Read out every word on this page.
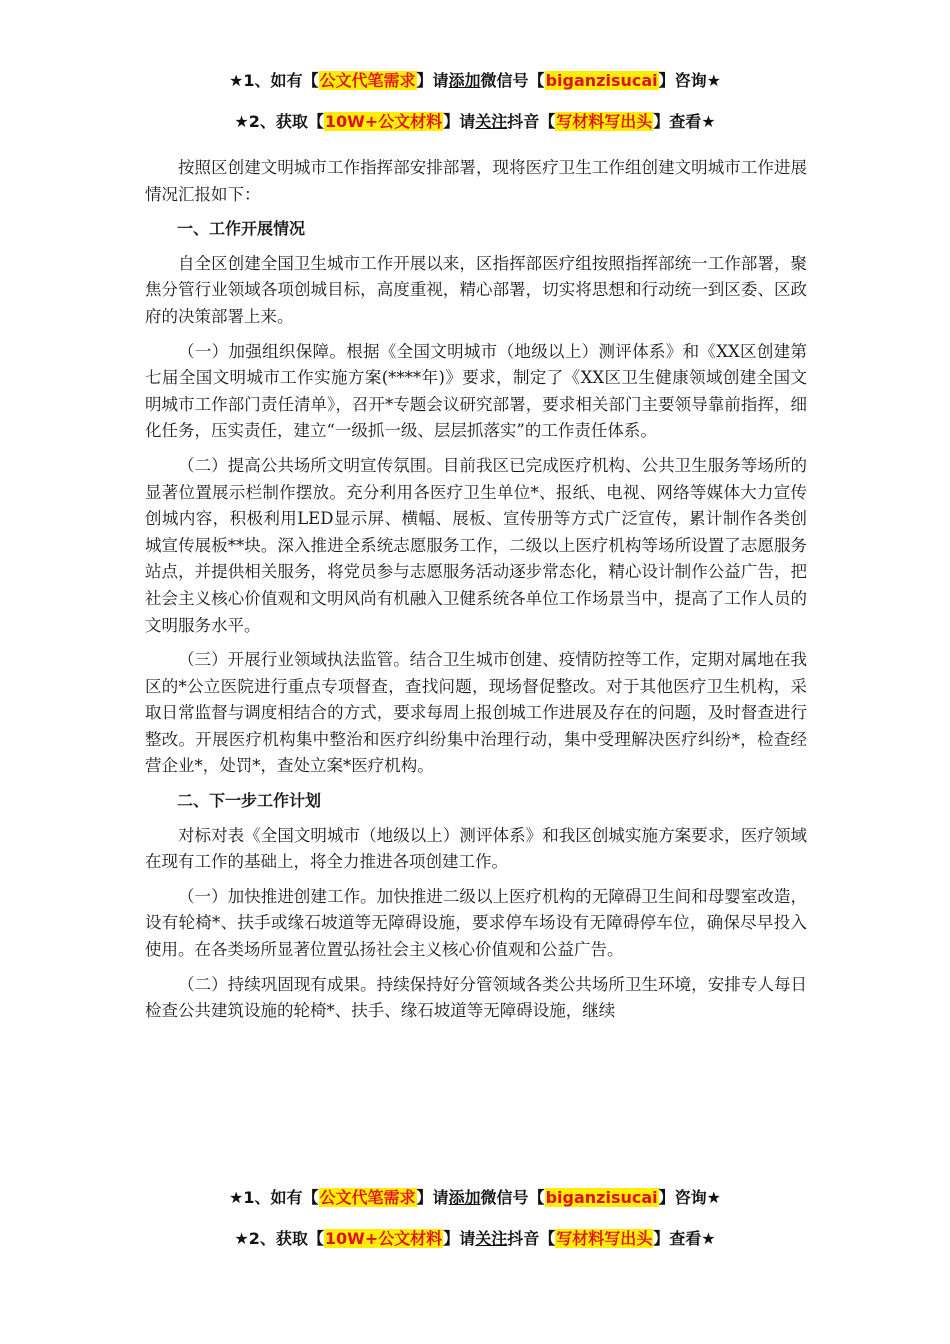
★1、如有【公文代笔需求】请添加微信号【biganzisucai】咨询★
★2、获取【10W+公文材料】请关注抖音【写材料写出头】查看★

按照区创建文明城市工作指挥部安排部署，现将医疗卫生工作组创建文明城市工作进展情况汇报如下：

一、工作开展情况

自全区创建全国卫生城市工作开展以来，区指挥部医疗组按照指挥部统一工作部署，聚焦分管行业领域各项创城目标，高度重视，精心部署，切实将思想和行动统一到区委、区政府的决策部署上来。

（一）加强组织保障。根据《全国文明城市（地级以上）测评体系》和《XX区创建第七届全国文明城市工作实施方案(****年)》要求，制定了《XX区卫生健康领域创建全国文明城市工作部门责任清单》，召开*专题会议研究部署，要求相关部门主要领导靠前指挥，细化任务，压实责任，建立“一级抓一级、层层抓落实”的工作责任体系。

（二）提高公共场所文明宣传氛围。目前我区已完成医疗机构、公共卫生服务等场所的显著位置展示栏制作摆放。充分利用各医疗卫生单位*、报纸、电视、网络等媒体大力宣传创城内容，积极利用LED显示屏、横幅、展板、宣传册等方式广泛宣传，累计制作各类创城宣传展板**块。深入推进全系统志愿服务工作，二级以上医疗机构等场所设置了志愿服务站点，并提供相关服务，将党员参与志愿服务活动逐步常态化，精心设计制作公益广告，把社会主义核心价值观和文明风尚有机融入卫健系统各单位工作场景当中，提高了工作人员的文明服务水平。

（三）开展行业领域执法监管。结合卫生城市创建、疫情防控等工作，定期对属地在我区的*公立医院进行重点专项督查，查找问题，现场督促整改。对于其他医疗卫生机构，采取日常监督与调度相结合的方式，要求每周上报创城工作进展及存在的问题，及时督查进行整改。开展医疗机构集中整治和医疗纠纷集中治理行动，集中受理解决医疗纠纷*，检查经营企业*，处罚*，查处立案*医疗机构。

二、下一步工作计划

对标对表《全国文明城市（地级以上）测评体系》和我区创城实施方案要求，医疗领域在现有工作的基础上，将全力推进各项创建工作。

（一）加快推进创建工作。加快推进二级以上医疗机构的无障碍卫生间和母婴室改造，设有轮椅*、扶手或缘石坡道等无障碍设施，要求停车场设有无障碍停车位，确保尽早投入使用。在各类场所显著位置弘扬社会主义核心价值观和公益广告。

（二）持续巩固现有成果。持续保持好分管领域各类公共场所卫生环境，安排专人每日检查公共建筑设施的轮椅*、扶手、缘石坡道等无障碍设施，继续

★1、如有【公文代笔需求】请添加微信号【biganzisucai】咨询★
★2、获取【10W+公文材料】请关注抖音【写材料写出头】查看★
